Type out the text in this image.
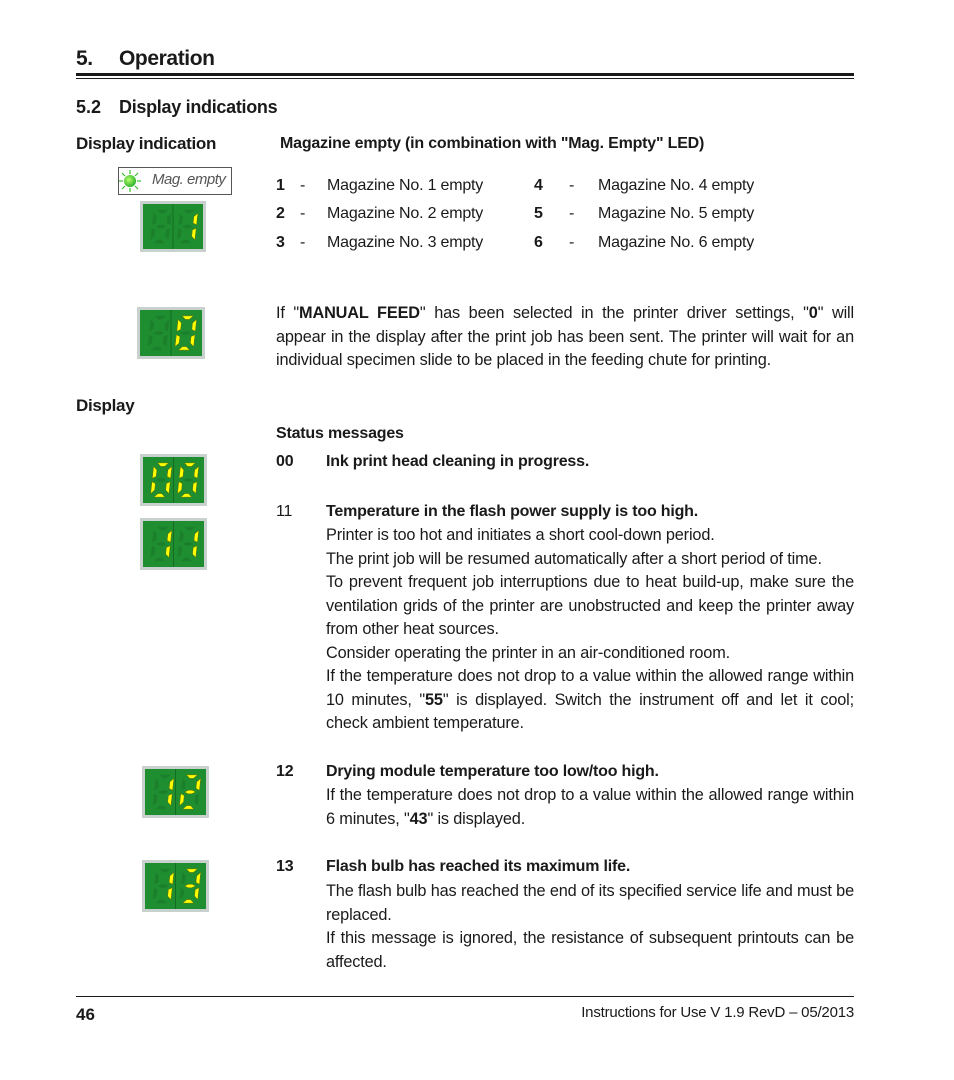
5. Operation
5.2 Display indications
Display indication	Magazine empty (in combination with "Mag. Empty" LED)
Mag. empty	1 - Magazine No. 1 empty
2 - Magazine No. 2 empty
3 - Magazine No. 3 empty
4 - Magazine No. 4 empty
5 - Magazine No. 5 empty
6 - Magazine No. 6 empty
If "MANUAL FEED" has been selected in the printer driver settings, "0" will appear in the display after the print job has been sent. The printer will wait for an individual specimen slide to be placed in the feeding chute for printing.
Display
Status messages
00 Ink print head cleaning in progress.
11 Temperature in the flash power supply is too high.
Printer is too hot and initiates a short cool-down period.
The print job will be resumed automatically after a short period of time.
To prevent frequent job interruptions due to heat build-up, make sure the ventilation grids of the printer are unobstructed and keep the printer away from other heat sources.
Consider operating the printer in an air-conditioned room.
If the temperature does not drop to a value within the allowed range within 10 minutes, "55" is displayed. Switch the instrument off and let it cool; check ambient temperature.
12 Drying module temperature too low/too high.
If the temperature does not drop to a value within the allowed range within 6 minutes, "43" is displayed.
13 Flash bulb has reached its maximum life.
The flash bulb has reached the end of its specified service life and must be replaced.
If this message is ignored, the resistance of subsequent printouts can be affected.
46	Instructions for Use V 1.9 RevD – 05/2013
